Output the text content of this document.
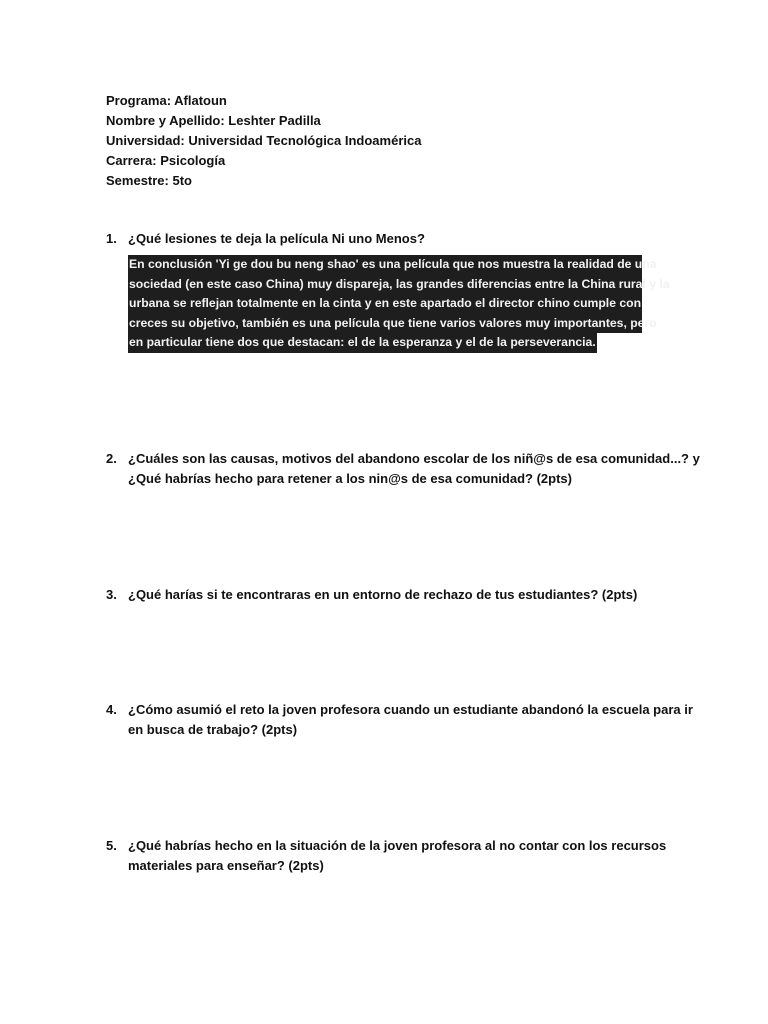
Programa: Aflatoun
Nombre y Apellido: Leshter Padilla
Universidad: Universidad Tecnológica Indoamérica
Carrera: Psicología
Semestre: 5to
1. ¿Qué lesiones te deja la película Ni uno Menos?
En conclusión 'Yi ge dou bu neng shao' es una película que nos muestra la realidad de una
sociedad (en este caso China) muy dispareja, las grandes diferencias entre la China rural y la
urbana se reflejan totalmente en la cinta y en este apartado el director chino cumple con
creces su objetivo, también es una película que tiene varios valores muy importantes, pero
en particular tiene dos que destacan: el de la esperanza y el de la perseverancia.
2. ¿Cuáles son las causas, motivos del abandono escolar de los niñ@s de esa comunidad...? y
¿Qué habrías hecho para retener a los nin@s de esa comunidad? (2pts)
3. ¿Qué harías si te encontraras en un entorno de rechazo de tus estudiantes? (2pts)
4. ¿Cómo asumió el reto la joven profesora cuando un estudiante abandonó la escuela para ir
en busca de trabajo? (2pts)
5. ¿Qué habrías hecho en la situación de la joven profesora al no contar con los recursos
materiales para enseñar? (2pts)
